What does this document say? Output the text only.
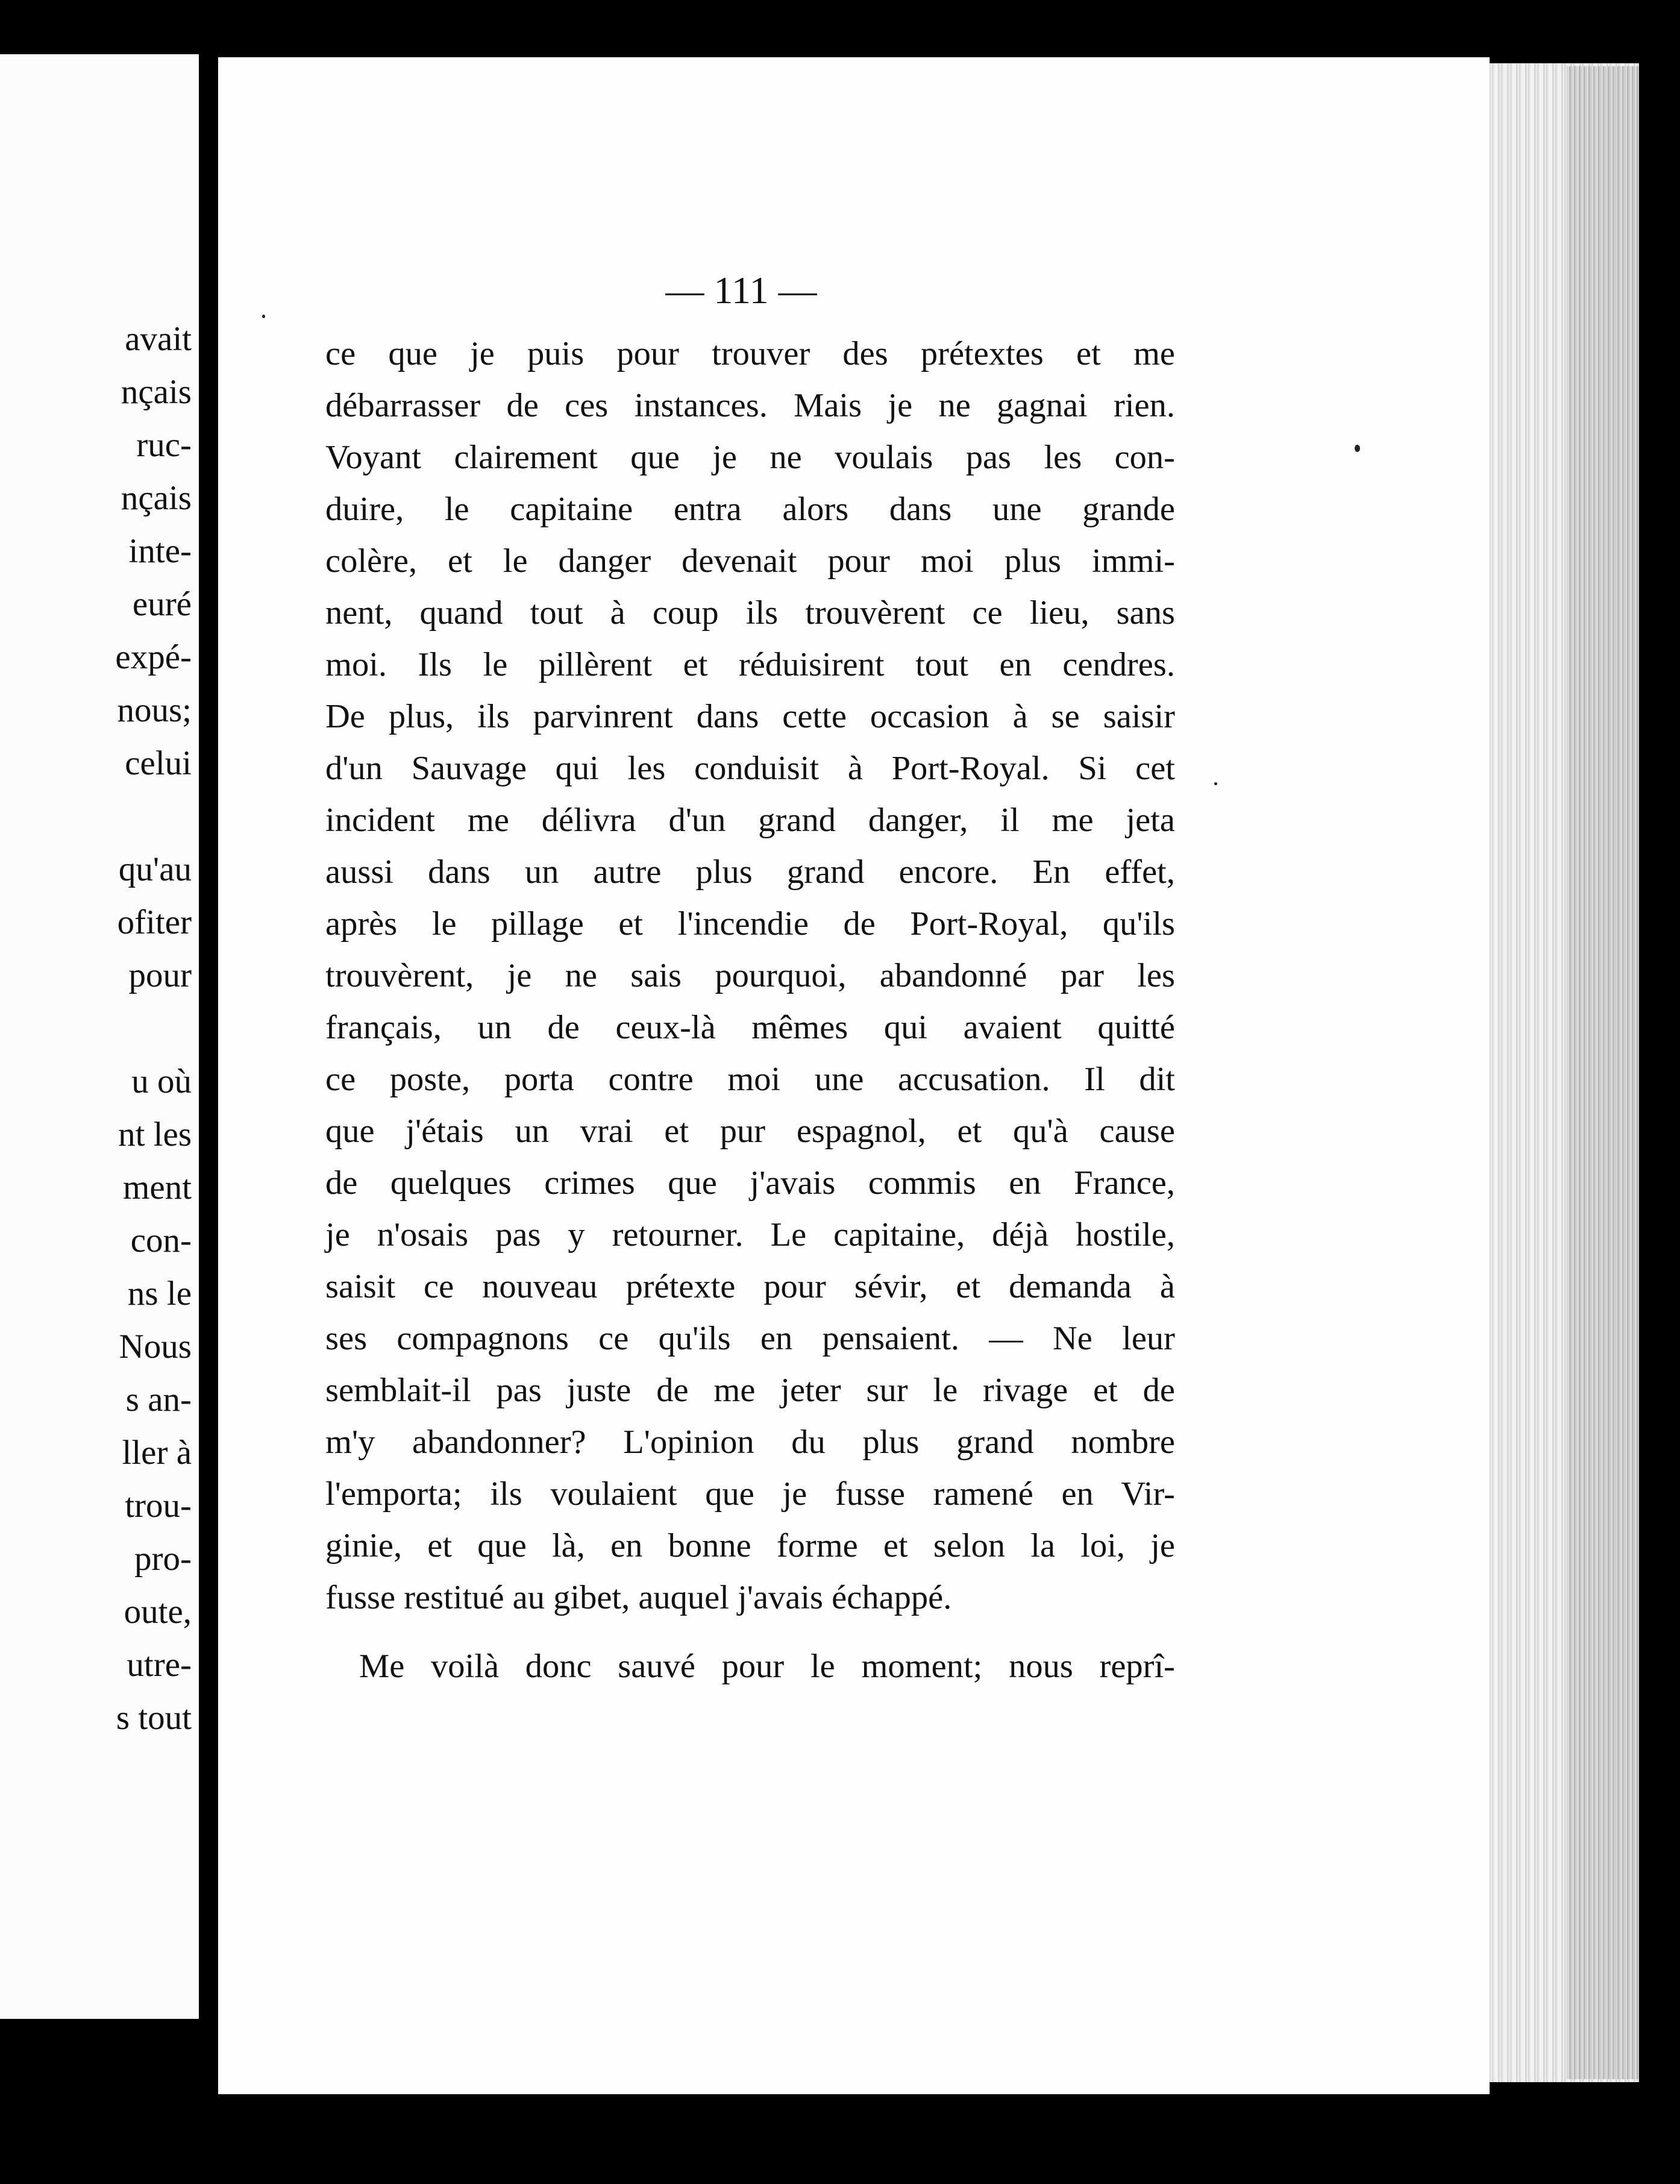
avait
nçais
ruc-
nçais
inte-
euré
expé-
nous;
celui
qu'au
ofiter
pour
u où
nt les
ment
con-
ns le
Nous
s an-
ller à
trou-
pro-
oute,
utre-
s tout
— 111 —
ce que je puis pour trouver des prétextes et me
débarrasser de ces instances. Mais je ne gagnai rien.
Voyant clairement que je ne voulais pas les con-
duire, le capitaine entra alors dans une grande
colère, et le danger devenait pour moi plus immi-
nent, quand tout à coup ils trouvèrent ce lieu, sans
moi. Ils le pillèrent et réduisirent tout en cendres.
De plus, ils parvinrent dans cette occasion à se saisir
d'un Sauvage qui les conduisit à Port-Royal. Si cet
incident me délivra d'un grand danger, il me jeta
aussi dans un autre plus grand encore. En effet,
après le pillage et l'incendie de Port-Royal, qu'ils
trouvèrent, je ne sais pourquoi, abandonné par les
français, un de ceux-là mêmes qui avaient quitté
ce poste, porta contre moi une accusation. Il dit
que j'étais un vrai et pur espagnol, et qu'à cause
de quelques crimes que j'avais commis en France,
je n'osais pas y retourner. Le capitaine, déjà hostile,
saisit ce nouveau prétexte pour sévir, et demanda à
ses compagnons ce qu'ils en pensaient. — Ne leur
semblait-il pas juste de me jeter sur le rivage et de
m'y abandonner? L'opinion du plus grand nombre
l'emporta; ils voulaient que je fusse ramené en Vir-
ginie, et que là, en bonne forme et selon la loi, je
fusse restitué au gibet, auquel j'avais échappé.
Me voilà donc sauvé pour le moment; nous reprî-
